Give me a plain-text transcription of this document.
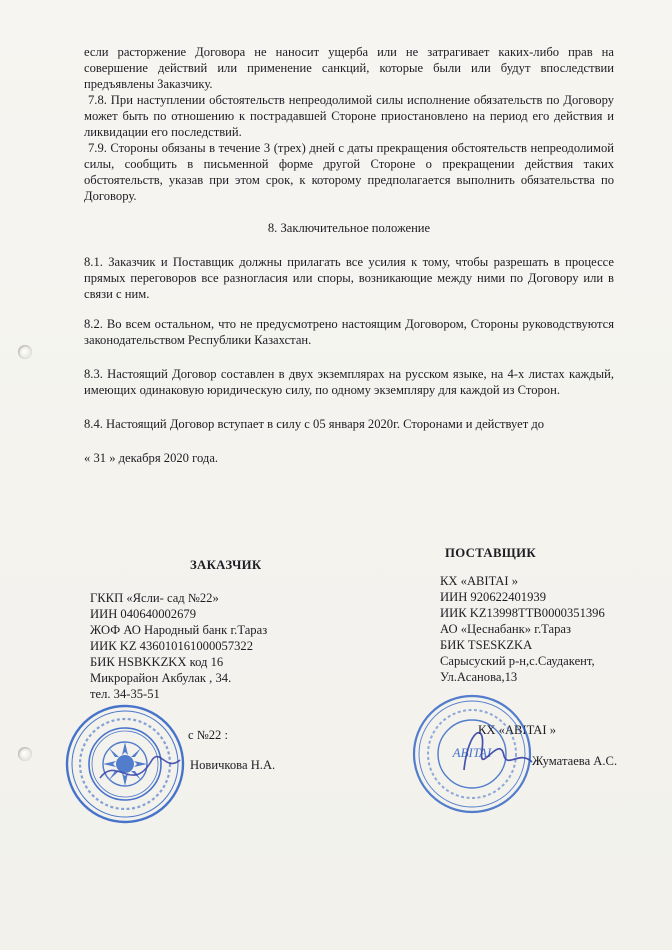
если расторжение Договора не наносит ущерба или не затрагивает каких-либо прав на совершение действий или применение санкций, которые были или будут впоследствии предъявлены Заказчику.

7.8. При наступлении обстоятельств непреодолимой силы исполнение обязательств по Договору может быть по отношению к пострадавшей Стороне приостановлено на период его действия и ликвидации его последствий.

7.9. Стороны обязаны в течение 3 (трех) дней с даты прекращения обстоятельств непреодолимой силы, сообщить в письменной форме другой Стороне о прекращении действия таких обстоятельств, указав при этом срок, к которому предполагается выполнить обязательства по Договору.

8. Заключительное положение

8.1. Заказчик и Поставщик должны прилагать все усилия к тому, чтобы разрешать в процессе прямых переговоров все разногласия или споры, возникающие между ними по Договору или в связи с ним.

8.2. Во всем остальном, что не предусмотрено настоящим Договором, Стороны руководствуются законодательством Республики Казахстан.

8.3. Настоящий Договор составлен в двух экземплярах на русском языке, на 4-х листах каждый, имеющих одинаковую юридическую силу, по одному экземпляру для каждой из Сторон.

8.4. Настоящий Договор вступает в силу с 05 января 2020г. Сторонами и действует до

« 31 » декабря 2020 года.

ЗАКАЗЧИК
ГККП «Ясли- сад №22»
ИИН 040640002679
ЖОФ АО Народный банк г.Тараз
ИИК KZ 436010161000057322
БИК HSBKKZKX код 16
Микрорайон Акбулак , 34.
тел. 34-35-51
ПОСТАВЩИК
КХ «ABITAI »
ИИН 920622401939
ИИК KZ13998TTB0000351396
АО «Цеснабанк» г.Тараз
БИК TSESKZKA
Сарысуский р-н,с.Саудакент,
Ул.Асанова,13
с №22 :
Новичкова Н.А.
КХ «ABITAI »
Жуматаева А.С.
ABITAI
